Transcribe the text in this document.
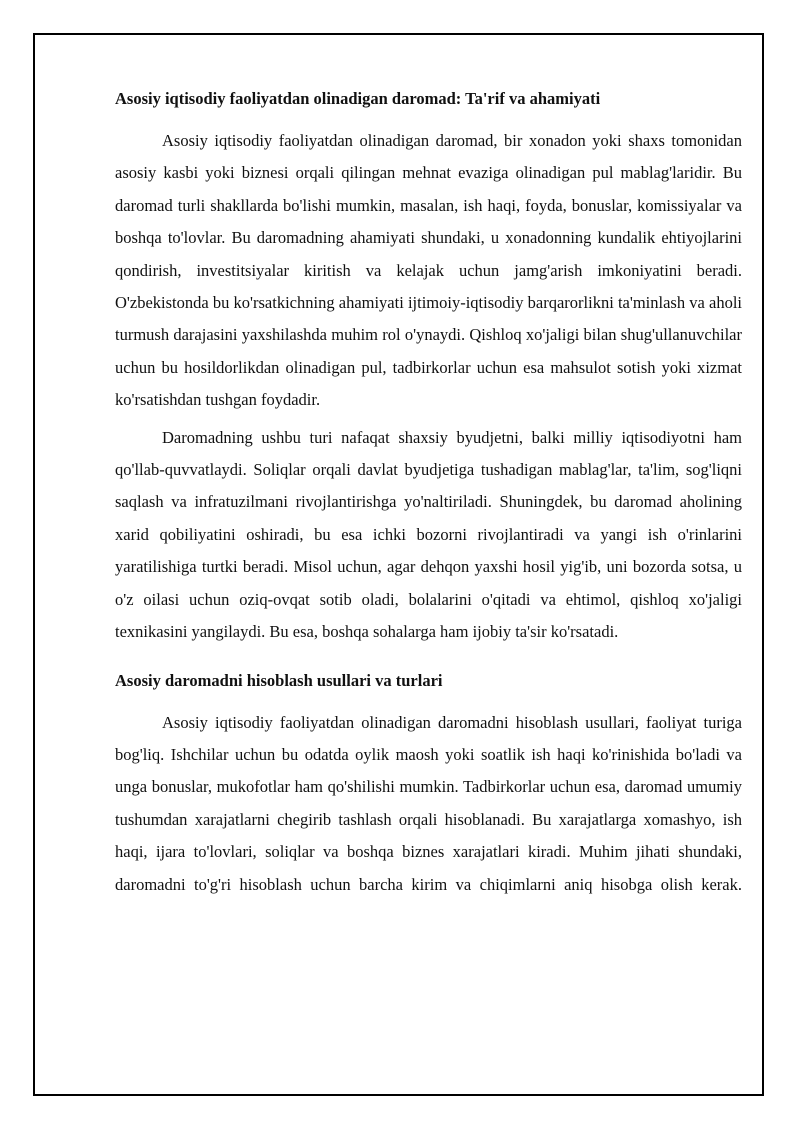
Asosiy iqtisodiy faoliyatdan olinadigan daromad: Ta'rif va ahamiyati

Asosiy iqtisodiy faoliyatdan olinadigan daromad, bir xonadon yoki shaxs tomonidan asosiy kasbi yoki biznesi orqali qilingan mehnat evaziga olinadigan pul mablag'laridir. Bu daromad turli shakllarda bo'lishi mumkin, masalan, ish haqi, foyda, bonuslar, komissiyalar va boshqa to'lovlar. Bu daromadning ahamiyati shundaki, u xonadonning kundalik ehtiyojlarini qondirish, investitsiyalar kiritish va kelajak uchun jamg'arish imkoniyatini beradi. O'zbekistonda bu ko'rsatkichning ahamiyati ijtimoiy-iqtisodiy barqarorlikni ta'minlash va aholi turmush darajasini yaxshilashda muhim rol o'ynaydi. Qishloq xo'jaligi bilan shug'ullanuvchilar uchun bu hosildorlikdan olinadigan pul, tadbirkorlar uchun esa mahsulot sotish yoki xizmat ko'rsatishdan tushgan foydadir.

Daromadning ushbu turi nafaqat shaxsiy byudjetni, balki milliy iqtisodiyotni ham qo'llab-quvvatlaydi. Soliqlar orqali davlat byudjetiga tushadigan mablag'lar, ta'lim, sog'liqni saqlash va infratuzilmani rivojlantirishga yo'naltiriladi. Shuningdek, bu daromad aholining xarid qobiliyatini oshiradi, bu esa ichki bozorni rivojlantiradi va yangi ish o'rinlarini yaratilishiga turtki beradi. Misol uchun, agar dehqon yaxshi hosil yig'ib, uni bozorda sotsa, u o'z oilasi uchun oziq-ovqat sotib oladi, bolalarini o'qitadi va ehtimol, qishloq xo'jaligi texnikasini yangilaydi. Bu esa, boshqa sohalarga ham ijobiy ta'sir ko'rsatadi.

Asosiy daromadni hisoblash usullari va turlari

Asosiy iqtisodiy faoliyatdan olinadigan daromadni hisoblash usullari, faoliyat turiga bog'liq. Ishchilar uchun bu odatda oylik maosh yoki soatlik ish haqi ko'rinishida bo'ladi va unga bonuslar, mukofotlar ham qo'shilishi mumkin. Tadbirkorlar uchun esa, daromad umumiy tushumdan xarajatlarni chegirib tashlash orqali hisoblanadi. Bu xarajatlarga xomashyo, ish haqi, ijara to'lovlari, soliqlar va boshqa biznes xarajatlari kiradi. Muhim jihati shundaki, daromadni to'g'ri hisoblash uchun barcha kirim va chiqimlarni aniq hisobga olish kerak.
